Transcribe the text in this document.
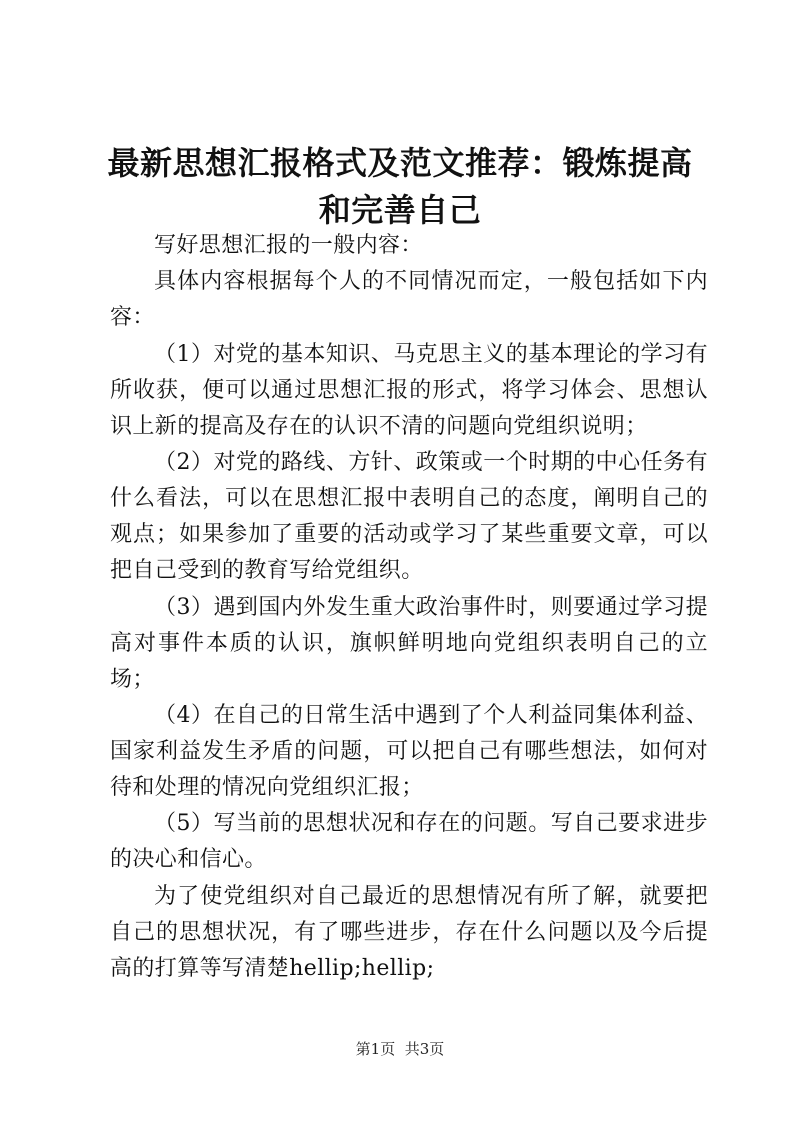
最新思想汇报格式及范文推荐：锻炼提高和完善自己

写好思想汇报的一般内容：

具体内容根据每个人的不同情况而定，一般包括如下内容：

（1）对党的基本知识、马克思主义的基本理论的学习有所收获，便可以通过思想汇报的形式，将学习体会、思想认识上新的提高及存在的认识不清的问题向党组织说明；

（2）对党的路线、方针、政策或一个时期的中心任务有什么看法，可以在思想汇报中表明自己的态度，阐明自己的观点；如果参加了重要的活动或学习了某些重要文章，可以把自己受到的教育写给党组织。

（3）遇到国内外发生重大政治事件时，则要通过学习提高对事件本质的认识，旗帜鲜明地向党组织表明自己的立场；

（4）在自己的日常生活中遇到了个人利益同集体利益、国家利益发生矛盾的问题，可以把自己有哪些想法，如何对待和处理的情况向党组织汇报；

（5）写当前的思想状况和存在的问题。写自己要求进步的决心和信心。

为了使党组织对自己最近的思想情况有所了解，就要把自己的思想状况，有了哪些进步，存在什么问题以及今后提高的打算等写清楚hellip;hellip;

第1页 共3页
